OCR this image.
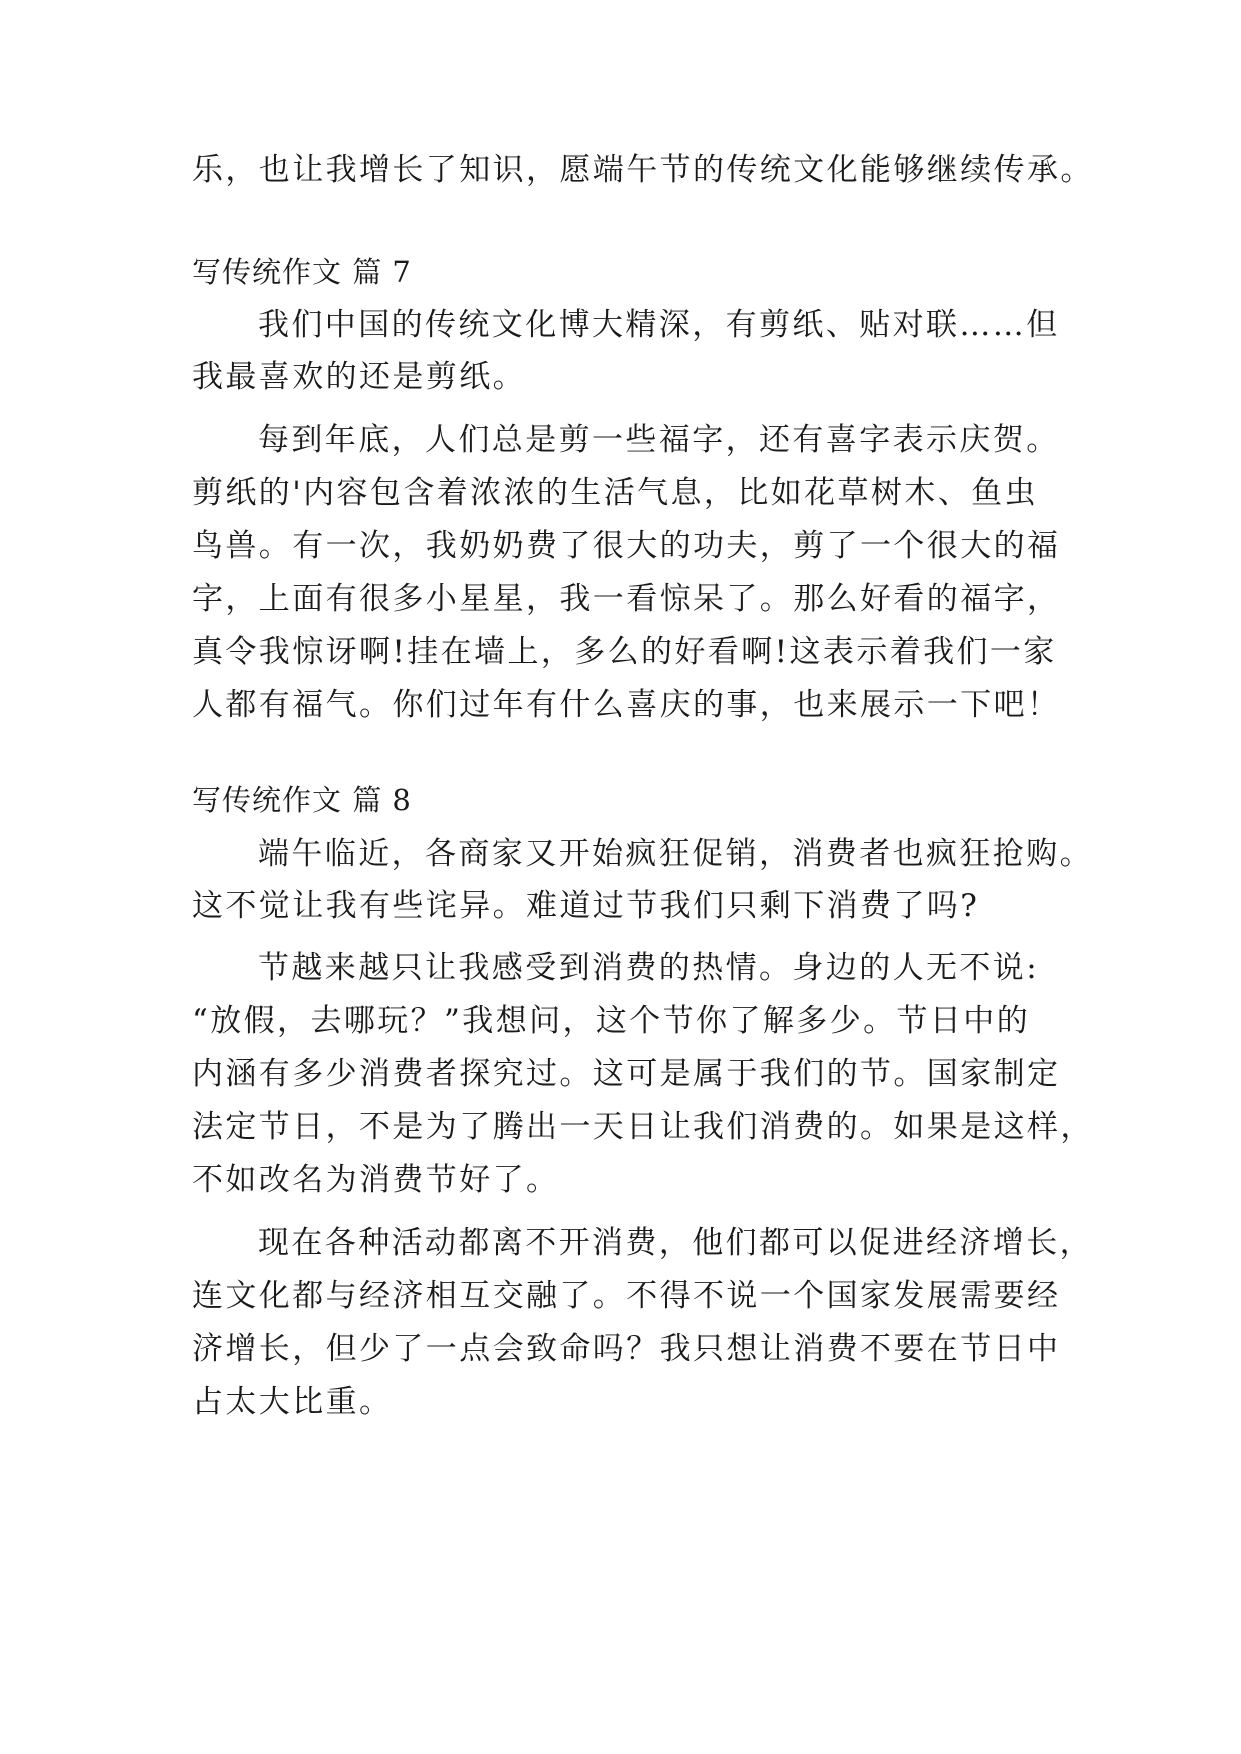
乐，也让我增长了知识，愿端午节的传统文化能够继续传承。
写传统作文 篇 7
我们中国的传统文化博大精深，有剪纸、贴对联……但
我最喜欢的还是剪纸。
每到年底，人们总是剪一些福字，还有喜字表示庆贺。
剪纸的'内容包含着浓浓的生活气息，比如花草树木、鱼虫
鸟兽。有一次，我奶奶费了很大的功夫，剪了一个很大的福
字，上面有很多小星星，我一看惊呆了。那么好看的福字，
真令我惊讶啊!挂在墙上，多么的好看啊!这表示着我们一家
人都有福气。你们过年有什么喜庆的事，也来展示一下吧！
写传统作文 篇 8
端午临近，各商家又开始疯狂促销，消费者也疯狂抢购。
这不觉让我有些诧异。难道过节我们只剩下消费了吗?
节越来越只让我感受到消费的热情。身边的人无不说:
“放假，去哪玩？”我想问，这个节你了解多少。节日中的
内涵有多少消费者探究过。这可是属于我们的节。国家制定
法定节日，不是为了腾出一天日让我们消费的。如果是这样，
不如改名为消费节好了。
现在各种活动都离不开消费，他们都可以促进经济增长，
连文化都与经济相互交融了。不得不说一个国家发展需要经
济增长，但少了一点会致命吗？我只想让消费不要在节日中
占太大比重。
